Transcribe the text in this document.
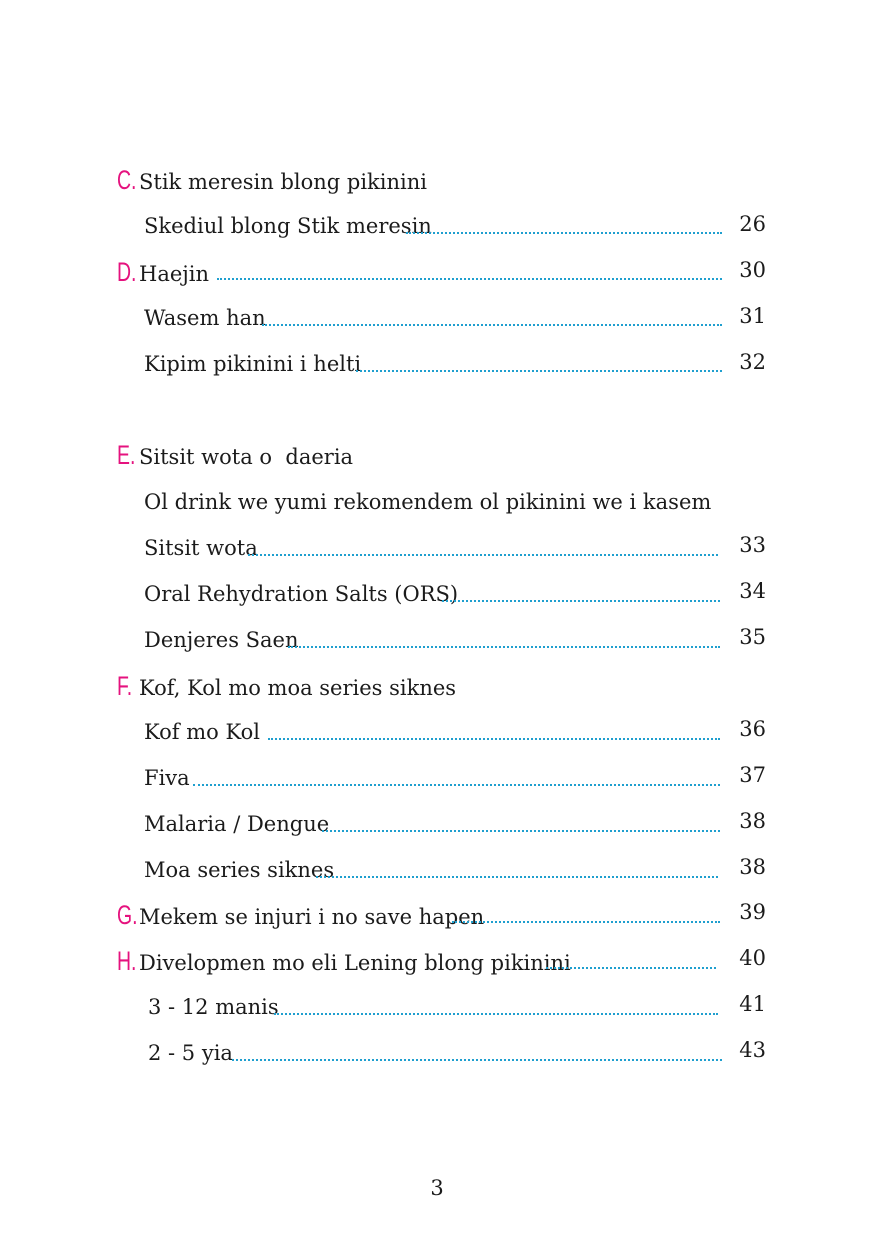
C. Stik meresin blong pikinini
Skediul blong Stik meresin	26
D. Haejin	30
Wasem han	31
Kipim pikinini i helti	32
E. Sitsit wota o  daeria
Ol drink we yumi rekomendem ol pikinini we i kasem
Sitsit wota	33
Oral Rehydration Salts (ORS)	34
Denjeres Saen	35
F. Kof, Kol mo moa series siknes
Kof mo Kol	36
Fiva	37
Malaria / Dengue	38
Moa series siknes	38
G. Mekem se injuri i no save hapen	39
H. Divelopmen mo eli Lening blong pikinini	40
3 - 12 manis	41
2 - 5 yia	43
3
